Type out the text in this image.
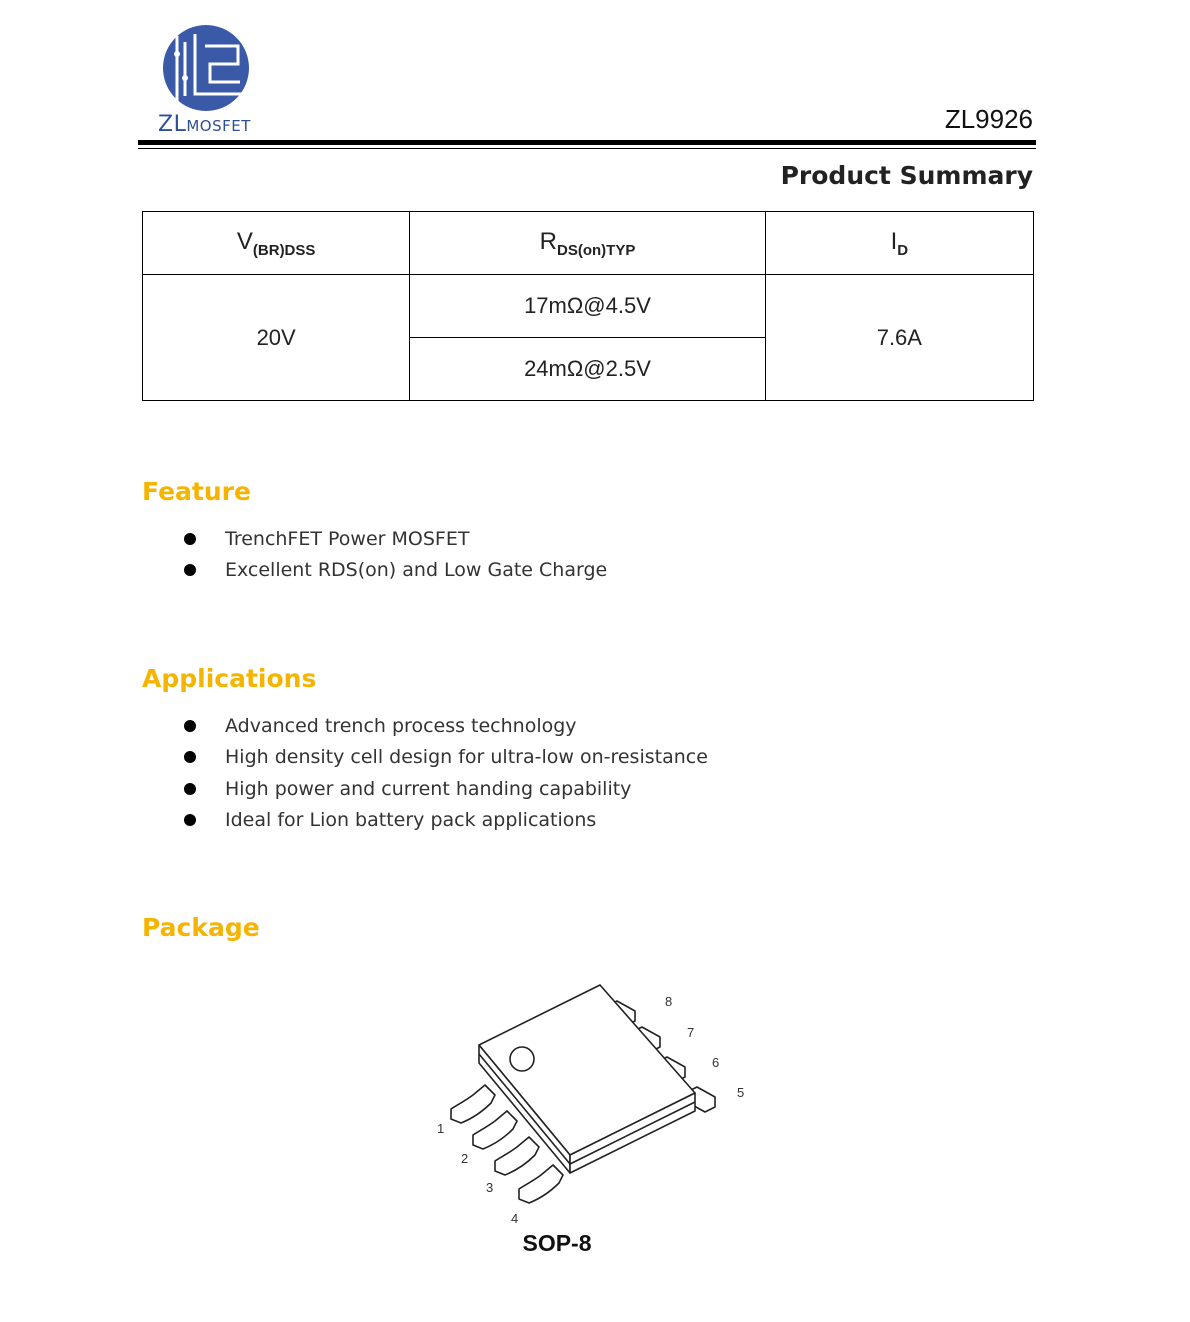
ZLMOSFET	ZL9926
Product Summary
$V_{(BR)DSS}$	$R_{DS(on)TYP}$	$I_D$
20V	17mΩ@4.5V	7.6A
	24mΩ@2.5V	
Feature
TrenchFET Power MOSFET
Excellent RDS(on) and Low Gate Charge
Applications
Advanced trench process technology
High density cell design for ultra-low on-resistance
High power and current handing capability
Ideal for Lion battery pack applications
Package
1
2
3
4
5
6
7
8
SOP-8
